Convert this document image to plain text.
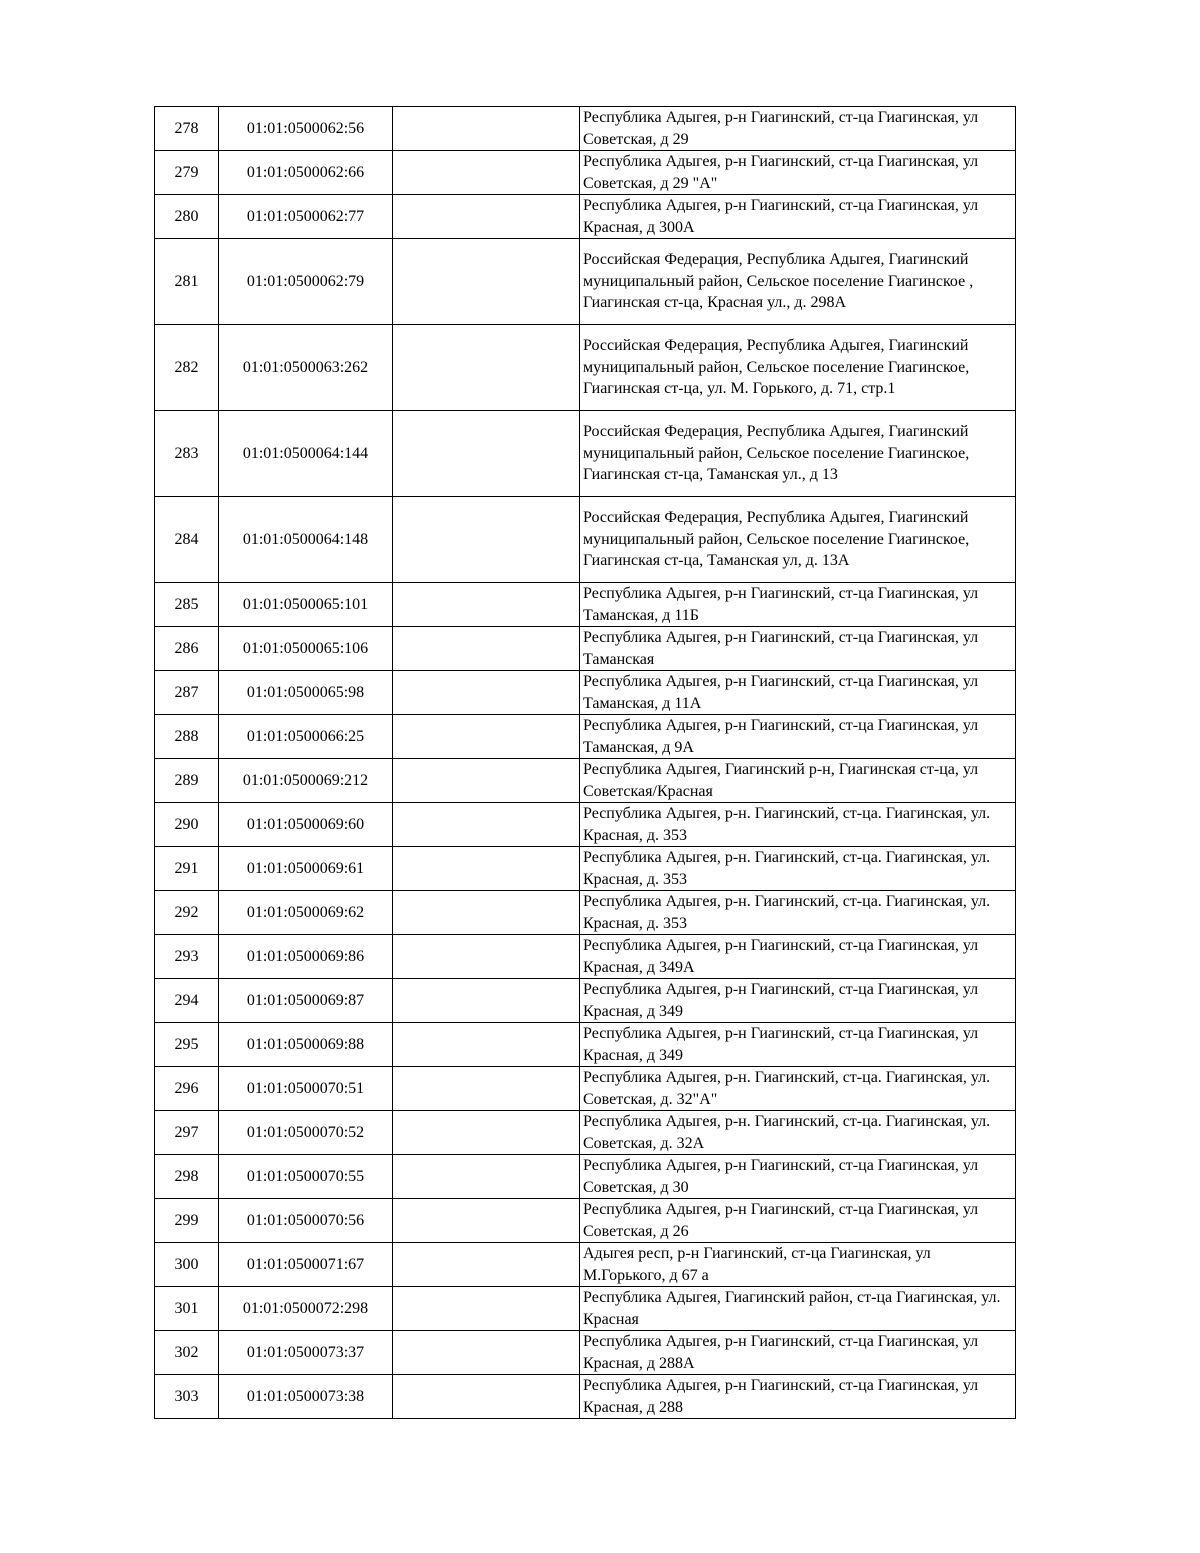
278	01:01:0500062:56		Республика Адыгея, р-н Гиагинский, ст-ца Гиагинская, ул Советская, д 29
279	01:01:0500062:66		Республика Адыгея, р-н Гиагинский, ст-ца Гиагинская, ул Советская, д 29 "А"
280	01:01:0500062:77		Республика Адыгея, р-н Гиагинский, ст-ца Гиагинская, ул Красная, д 300А
281	01:01:0500062:79		Российская Федерация, Республика Адыгея, Гиагинский муниципальный район, Сельское поселение Гиагинское , Гиагинская ст-ца, Красная ул., д. 298А
282	01:01:0500063:262		Российская Федерация, Республика Адыгея, Гиагинский муниципальный район, Сельское поселение Гиагинское, Гиагинская ст-ца, ул. М. Горького, д. 71, стр.1
283	01:01:0500064:144		Российская Федерация, Республика Адыгея, Гиагинский муниципальный район, Сельское поселение Гиагинское, Гиагинская ст-ца, Таманская ул., д 13
284	01:01:0500064:148		Российская Федерация, Республика Адыгея, Гиагинский муниципальный район, Сельское поселение Гиагинское, Гиагинская ст-ца, Таманская ул, д. 13А
285	01:01:0500065:101		Республика Адыгея, р-н Гиагинский, ст-ца Гиагинская, ул Таманская, д 11Б
286	01:01:0500065:106		Республика Адыгея, р-н Гиагинский, ст-ца Гиагинская, ул Таманская
287	01:01:0500065:98		Республика Адыгея, р-н Гиагинский, ст-ца Гиагинская, ул Таманская, д 11А
288	01:01:0500066:25		Республика Адыгея, р-н Гиагинский, ст-ца Гиагинская, ул Таманская, д 9А
289	01:01:0500069:212		Республика Адыгея, Гиагинский р-н, Гиагинская ст-ца, ул Советская/Красная
290	01:01:0500069:60		Республика Адыгея, р-н. Гиагинский, ст-ца. Гиагинская, ул. Красная, д. 353
291	01:01:0500069:61		Республика Адыгея, р-н. Гиагинский, ст-ца. Гиагинская, ул. Красная, д. 353
292	01:01:0500069:62		Республика Адыгея, р-н. Гиагинский, ст-ца. Гиагинская, ул. Красная, д. 353
293	01:01:0500069:86		Республика Адыгея, р-н Гиагинский, ст-ца Гиагинская, ул Красная, д 349А
294	01:01:0500069:87		Республика Адыгея, р-н Гиагинский, ст-ца Гиагинская, ул Красная, д 349
295	01:01:0500069:88		Республика Адыгея, р-н Гиагинский, ст-ца Гиагинская, ул Красная, д 349
296	01:01:0500070:51		Республика Адыгея, р-н. Гиагинский, ст-ца. Гиагинская, ул. Советская, д. 32"А"
297	01:01:0500070:52		Республика Адыгея, р-н. Гиагинский, ст-ца. Гиагинская, ул. Советская, д. 32А
298	01:01:0500070:55		Республика Адыгея, р-н Гиагинский, ст-ца Гиагинская, ул Советская, д 30
299	01:01:0500070:56		Республика Адыгея, р-н Гиагинский, ст-ца Гиагинская, ул Советская, д 26
300	01:01:0500071:67		Адыгея респ, р-н Гиагинский, ст-ца Гиагинская, ул М.Горького, д 67 а
301	01:01:0500072:298		Республика Адыгея, Гиагинский район, ст-ца Гиагинская, ул. Красная
302	01:01:0500073:37		Республика Адыгея, р-н Гиагинский, ст-ца Гиагинская, ул Красная, д 288А
303	01:01:0500073:38		Республика Адыгея, р-н Гиагинский, ст-ца Гиагинская, ул Красная, д 288
